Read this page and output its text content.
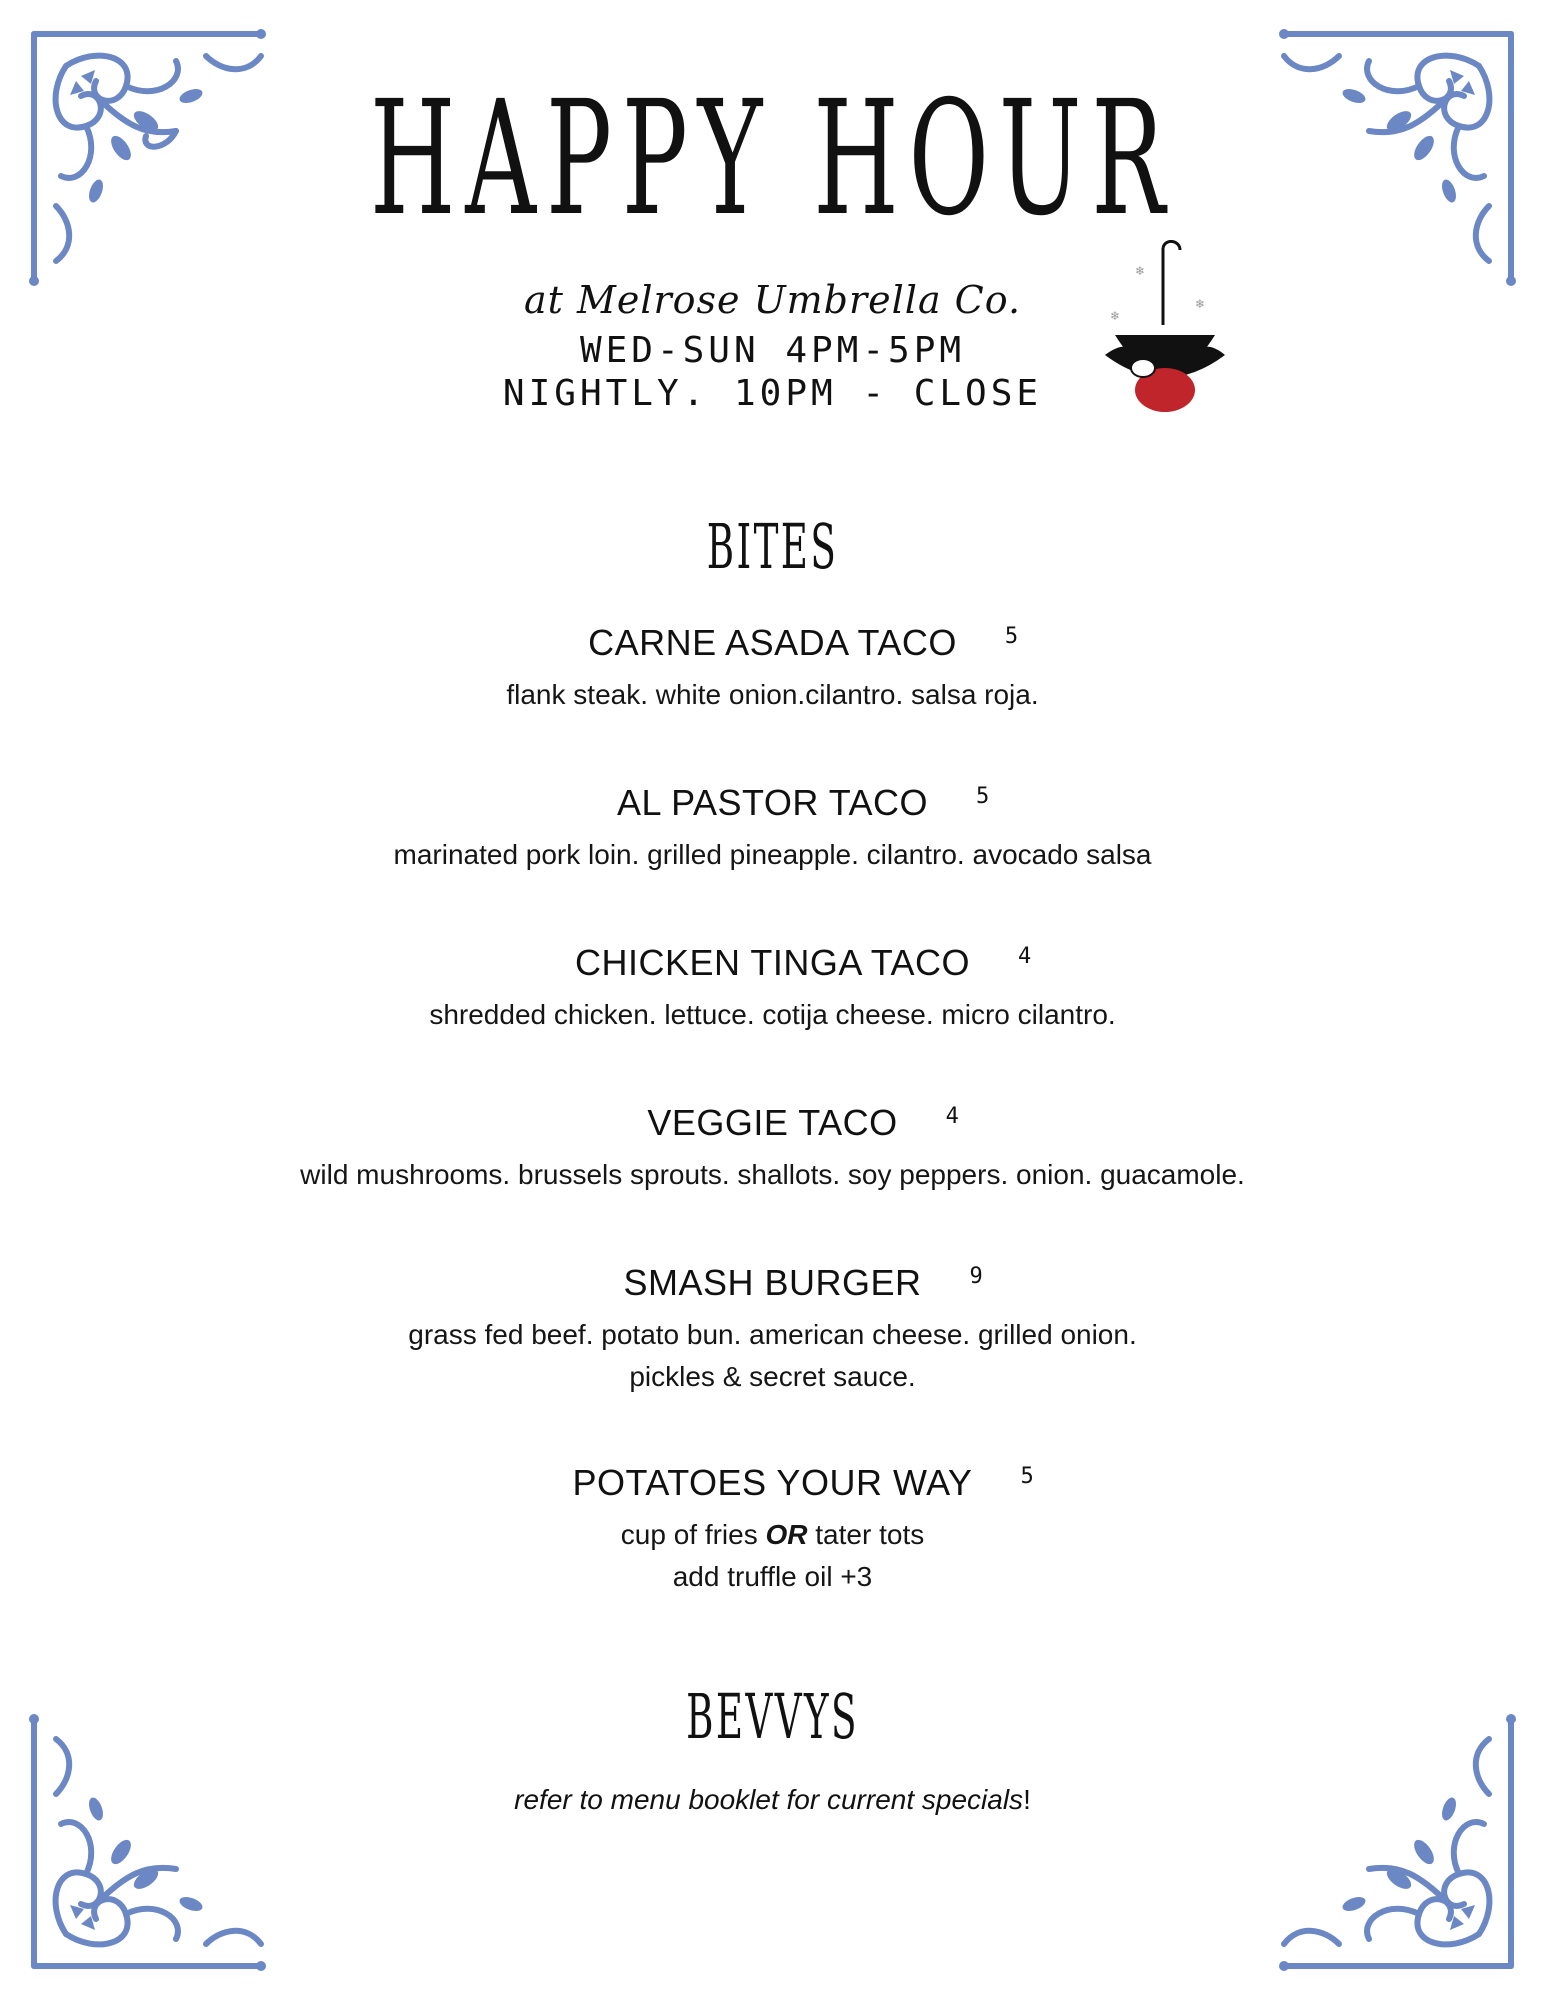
HAPPY HOUR
at Melrose Umbrella Co.
WED-SUN 4PM-5PM
NIGHTLY. 10PM - CLOSE
❄
❄
❄
BITES
CARNE ASADA TACO 5
flank steak. white onion.cilantro. salsa roja.
AL PASTOR TACO 5
marinated pork loin. grilled pineapple. cilantro. avocado salsa
CHICKEN TINGA TACO 4
shredded chicken. lettuce. cotija cheese. micro cilantro.
VEGGIE TACO 4
wild mushrooms. brussels sprouts. shallots. soy peppers. onion. guacamole.
SMASH BURGER 9
grass fed beef. potato bun. american cheese. grilled onion.
pickles & secret sauce.
POTATOES YOUR WAY 5
cup of fries OR tater tots
add truffle oil +3
BEVVYS
refer to menu booklet for current specials!
